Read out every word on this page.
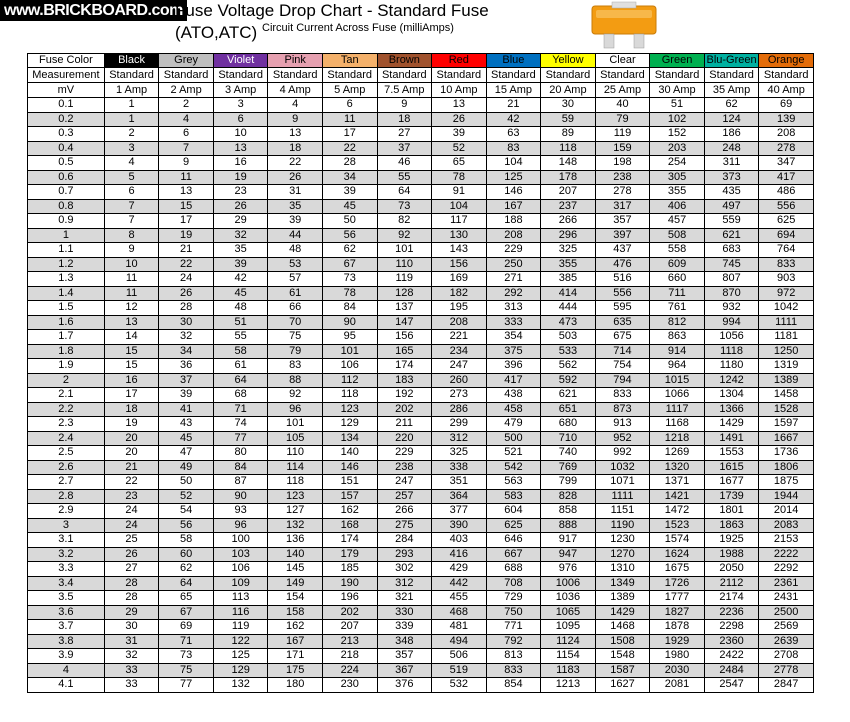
www.BRICKBOARD.com
Fuse Voltage Drop Chart - Standard Fuse (ATO,ATC) Circuit Current Across Fuse (milliAmps)
Fuse Color	Black	Grey	Violet	Pink	Tan	Brown	Red	Blue	Yellow	Clear	Green	Blu-Green	Orange
Measurement	Standard	Standard	Standard	Standard	Standard	Standard	Standard	Standard	Standard	Standard	Standard	Standard	Standard
mV	1 Amp	2 Amp	3 Amp	4 Amp	5 Amp	7.5 Amp	10 Amp	15 Amp	20 Amp	25 Amp	30 Amp	35 Amp	40 Amp
0.1	1	2	3	4	6	9	13	21	30	40	51	62	69
0.2	1	4	6	9	11	18	26	42	59	79	102	124	139
0.3	2	6	10	13	17	27	39	63	89	119	152	186	208
0.4	3	7	13	18	22	37	52	83	118	159	203	248	278
0.5	4	9	16	22	28	46	65	104	148	198	254	311	347
0.6	5	11	19	26	34	55	78	125	178	238	305	373	417
0.7	6	13	23	31	39	64	91	146	207	278	355	435	486
0.8	7	15	26	35	45	73	104	167	237	317	406	497	556
0.9	7	17	29	39	50	82	117	188	266	357	457	559	625
1	8	19	32	44	56	92	130	208	296	397	508	621	694
1.1	9	21	35	48	62	101	143	229	325	437	558	683	764
1.2	10	22	39	53	67	110	156	250	355	476	609	745	833
1.3	11	24	42	57	73	119	169	271	385	516	660	807	903
1.4	11	26	45	61	78	128	182	292	414	556	711	870	972
1.5	12	28	48	66	84	137	195	313	444	595	761	932	1042
1.6	13	30	51	70	90	147	208	333	473	635	812	994	1111
1.7	14	32	55	75	95	156	221	354	503	675	863	1056	1181
1.8	15	34	58	79	101	165	234	375	533	714	914	1118	1250
1.9	15	36	61	83	106	174	247	396	562	754	964	1180	1319
2	16	37	64	88	112	183	260	417	592	794	1015	1242	1389
2.1	17	39	68	92	118	192	273	438	621	833	1066	1304	1458
2.2	18	41	71	96	123	202	286	458	651	873	1117	1366	1528
2.3	19	43	74	101	129	211	299	479	680	913	1168	1429	1597
2.4	20	45	77	105	134	220	312	500	710	952	1218	1491	1667
2.5	20	47	80	110	140	229	325	521	740	992	1269	1553	1736
2.6	21	49	84	114	146	238	338	542	769	1032	1320	1615	1806
2.7	22	50	87	118	151	247	351	563	799	1071	1371	1677	1875
2.8	23	52	90	123	157	257	364	583	828	1111	1421	1739	1944
2.9	24	54	93	127	162	266	377	604	858	1151	1472	1801	2014
3	24	56	96	132	168	275	390	625	888	1190	1523	1863	2083
3.1	25	58	100	136	174	284	403	646	917	1230	1574	1925	2153
3.2	26	60	103	140	179	293	416	667	947	1270	1624	1988	2222
3.3	27	62	106	145	185	302	429	688	976	1310	1675	2050	2292
3.4	28	64	109	149	190	312	442	708	1006	1349	1726	2112	2361
3.5	28	65	113	154	196	321	455	729	1036	1389	1777	2174	2431
3.6	29	67	116	158	202	330	468	750	1065	1429	1827	2236	2500
3.7	30	69	119	162	207	339	481	771	1095	1468	1878	2298	2569
3.8	31	71	122	167	213	348	494	792	1124	1508	1929	2360	2639
3.9	32	73	125	171	218	357	506	813	1154	1548	1980	2422	2708
4	33	75	129	175	224	367	519	833	1183	1587	2030	2484	2778
4.1	33	77	132	180	230	376	532	854	1213	1627	2081	2547	2847
